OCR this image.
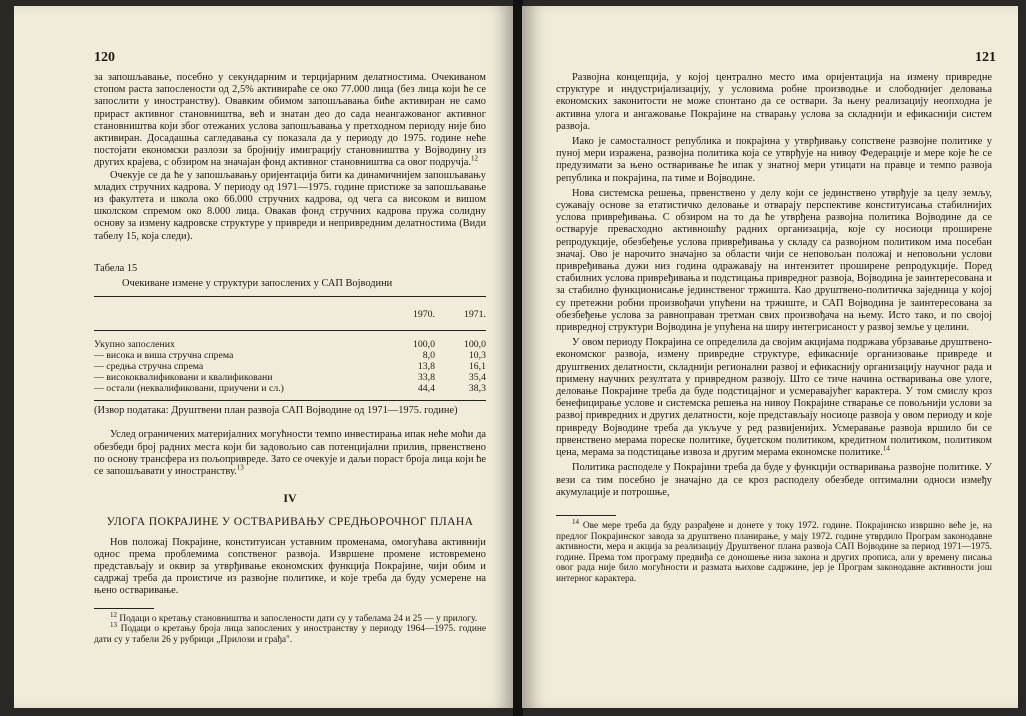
120

за запошљавање, посебно у секундарним и терцијарним делатностима. Очекиваном стопом раста запослености од 2,5% активираће се око 77.000 лица (без лица који ће се запослити у иностранству). Овавким обимом запошљавања биће активиран не само прираст активног становништва, већ и знатан део до сада неангажованог активног становништва који због отежаних услова запошљавања у претходном периоду није био активиран. Досадашња сагледавања су показала да у периоду до 1975. године неће постојати економски разлози за бројнију имиграцију становништва у Војводину из других крајева, с обзиром на значајан фонд активног становништва са овог подручја.$^{12}$

Очекује се да ће у запошљавању оријентација бити ка динамичнијем запошљавању младих стручних кадрова. У периоду од 1971—1975. године пристиже за запошљавање из факултета и школа око 66.000 стручних кадрова, од чега са високом и вишом школском спремом око 8.000 лица. Овакав фонд стручних кадрова пружа солидну основу за измену кадровске структуре у привреди и непривредним делатностима (Види табелу 15, која следи).

Табела 15
Очекиване измене у структури запослених у САП Војводини
	1970.	1971.
Укупно запослених	100,0	100,0
— висока и виша стручна спрема	8,0	10,3
— средња стручна спрема	13,8	16,1
— висококвалификовани и квалификовани	33,8	35,4
— остали (неквалификовани, приучени и сл.)	44,4	38,3

(Извор података: Друштвени план развоја САП Војводине од 1971—1975. године)

Услед ограничених материјалних могућности темпо инвестирања ипак неће моћи да обезбеди број радних места који би задовољио сав потенцијални прилив, првенствено по основу трансфера из пољопривреде. Зато се очекује и даљи пораст броја лица који ће се запошљавати у иностранству.$^{13}$

IV
УЛОГА ПОКРАЈИНЕ У ОСТВАРИВАЊУ СРЕДЊОРОЧНОГ ПЛАНА

Нов положај Покрајине, конституисан уставним променама, омогућава активнији однос према проблемима сопственог развоја. Извршене промене истовремено представљају и оквир за утврђивање економских функција Покрајине, чији обим и садржај треба да проистиче из развојне политике, и које треба да буду усмерене на њено остваривање.

$^{12}$ Подаци о кретању становништва и запослености дати су у табелама 24 и 25 — у прилогу.

$^{13}$ Подаци о кретању броја лица запослених у иностранству у периоду 1964—1975. године дати су у табели 26 у рубрици „Прилози и грађа".

121

Развојна концепција, у којој централно место има оријентација на измену привредне структуре и индустријализацију, у условима робне производње и слободнијег деловања економских законитости не може спонтано да се оствари. За њену реализацију неопходна је активна улога и ангажовање Покрајине на стварању услова за складнији и ефикаснији систем развоја.

Иако је самосталност република и покрајина у утврђивању сопствене развојне политике у пуној мери изражена, развојна политика која се утврђује на нивоу Федерације и мере које ће се предузимати за њено остваривање ће ипак у знатној мери утицати на правце и темпо развоја република и покрајина, па тиме и Војводине.

Нова системска решења, првенствено у делу који се јединствено утврђује за целу земљу, сужавају основе за етатистичко деловање и отварају перспективе конституисања стабилнијих услова привређивања. С обзиром на то да ће утврђена развојна политика Војводине да се остварује превасходно активношћу радних организација, које су носиоци проширене репродукције, обезбеђење услова привређивања у складу са развојном политиком има посебан значај. Ово је нарочито значајно за области чији се неповољан положај и неповољни услови привређивања дужи низ година одражавају на интензитет проширене репродукције. Поред стабилних услова привређивања и подстицања привредног развоја, Војводина је заинтересована и за стабилно функционисање јединственог тржишта. Као друштвено-политичка заједница у којој су претежни робни произвођачи упућени на тржиште, и САП Војводина је заинтересована за обезбеђење услова за равноправан третман свих произвођача на њему. Исто тако, и по својој привредној структури Војводина је упућена на ширу интегрисаност у развој земље у целини.

У овом периоду Покрајина се определила да својим акцијама подржава убрзавање друштвено-економског развоја, измену привредне структуре, ефикасније организовање привреде и друштвених делатности, складнији регионални развој и ефикаснију организацију научног рада и примену научних резултата у привредном развоју. Што се тиче начина остваривања ове улоге, деловање Покрајине треба да буде подстицајног и усмеравајућег карактера. У том смислу кроз бенефицирање услове и системска решења на нивоу Покрајине стварање се повољнији услови за развој привредних и других делатности, које представљају носиоце развоја у овом периоду и које привреду Војводине треба да укључе у ред развијенијих. Усмеравање развоја вршило би се првенствено мерама пореске политике, буџетском политиком, кредитном политиком, политиком цена, мерама за подстицање извоза и другим мерама економске политике.$^{14}$

Политика расподеле у Покрајини треба да буде у функцији остваривања развојне политике. У вези са тим посебно је значајно да се кроз расподелу обезбеде оптимални односи између акумулације и потрошње,

$^{14}$ Ове мере треба да буду разрађене и донете у току 1972. године. Покрајинско извршно веће је, на предлог Покрајинског завода за друштвено планирање, у мају 1972. године утврдило Програм законодавне активности, мера и акција за реализацију Друштвеног плана развоја САП Војводине за период 1971—1975. године. Према том програму предвиђа се доношење низа закона и других прописа, али у времену писања овог рада није било могућности и размата њихове садржине, јер је Програм законодавне активности још интерног карактера.
